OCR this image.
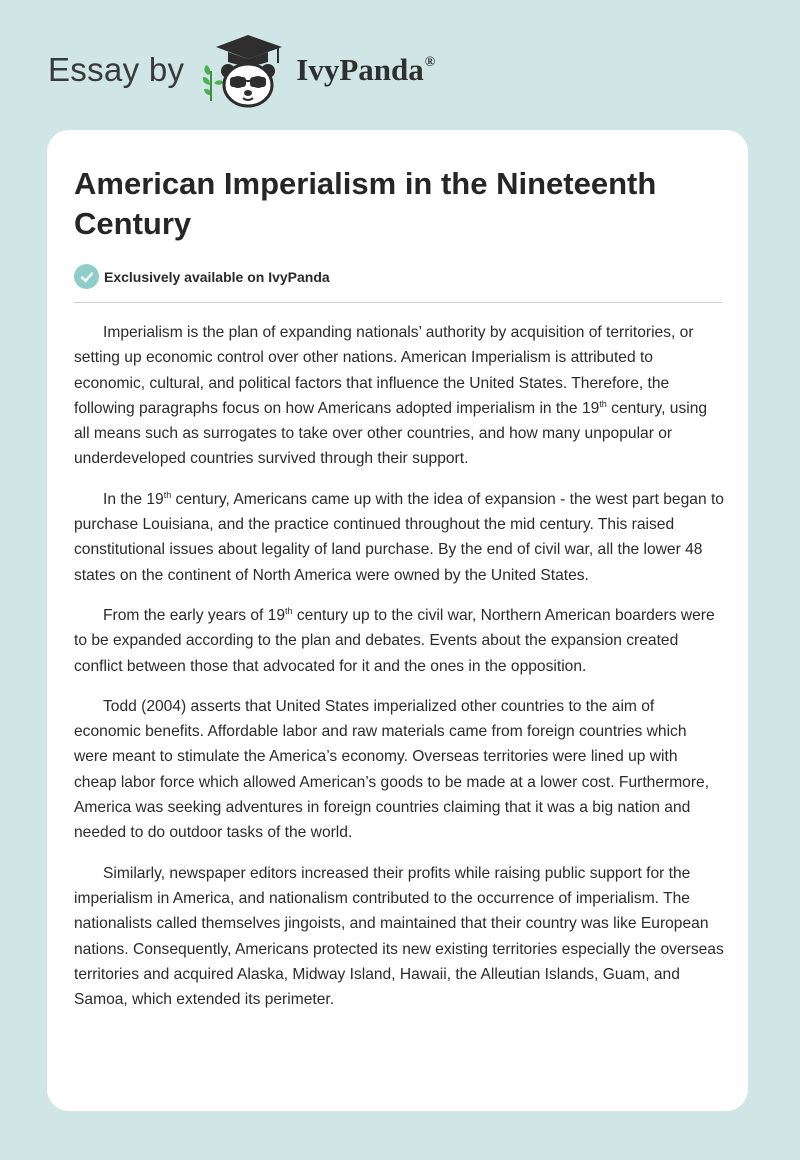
Essay by	IvyPanda®
American Imperialism in the Nineteenth Century
Exclusively available on IvyPanda

Imperialism is the plan of expanding nationals’ authority by acquisition of territories, or setting up economic control over other nations. American Imperialism is attributed to economic, cultural, and political factors that influence the United States. Therefore, the following paragraphs focus on how Americans adopted imperialism in the 19th century, using all means such as surrogates to take over other countries, and how many unpopular or underdeveloped countries survived through their support.

In the 19th century, Americans came up with the idea of expansion - the west part began to purchase Louisiana, and the practice continued throughout the mid century. This raised constitutional issues about legality of land purchase. By the end of civil war, all the lower 48 states on the continent of North America were owned by the United States.

From the early years of 19th century up to the civil war, Northern American boarders were to be expanded according to the plan and debates. Events about the expansion created conflict between those that advocated for it and the ones in the opposition.

Todd (2004) asserts that United States imperialized other countries to the aim of economic benefits. Affordable labor and raw materials came from foreign countries which were meant to stimulate the America’s economy. Overseas territories were lined up with cheap labor force which allowed American’s goods to be made at a lower cost. Furthermore, America was seeking adventures in foreign countries claiming that it was a big nation and needed to do outdoor tasks of the world.

Similarly, newspaper editors increased their profits while raising public support for the imperialism in America, and nationalism contributed to the occurrence of imperialism. The nationalists called themselves jingoists, and maintained that their country was like European nations. Consequently, Americans protected its new existing territories especially the overseas territories and acquired Alaska, Midway Island, Hawaii, the Alleutian Islands, Guam, and Samoa, which extended its perimeter.
